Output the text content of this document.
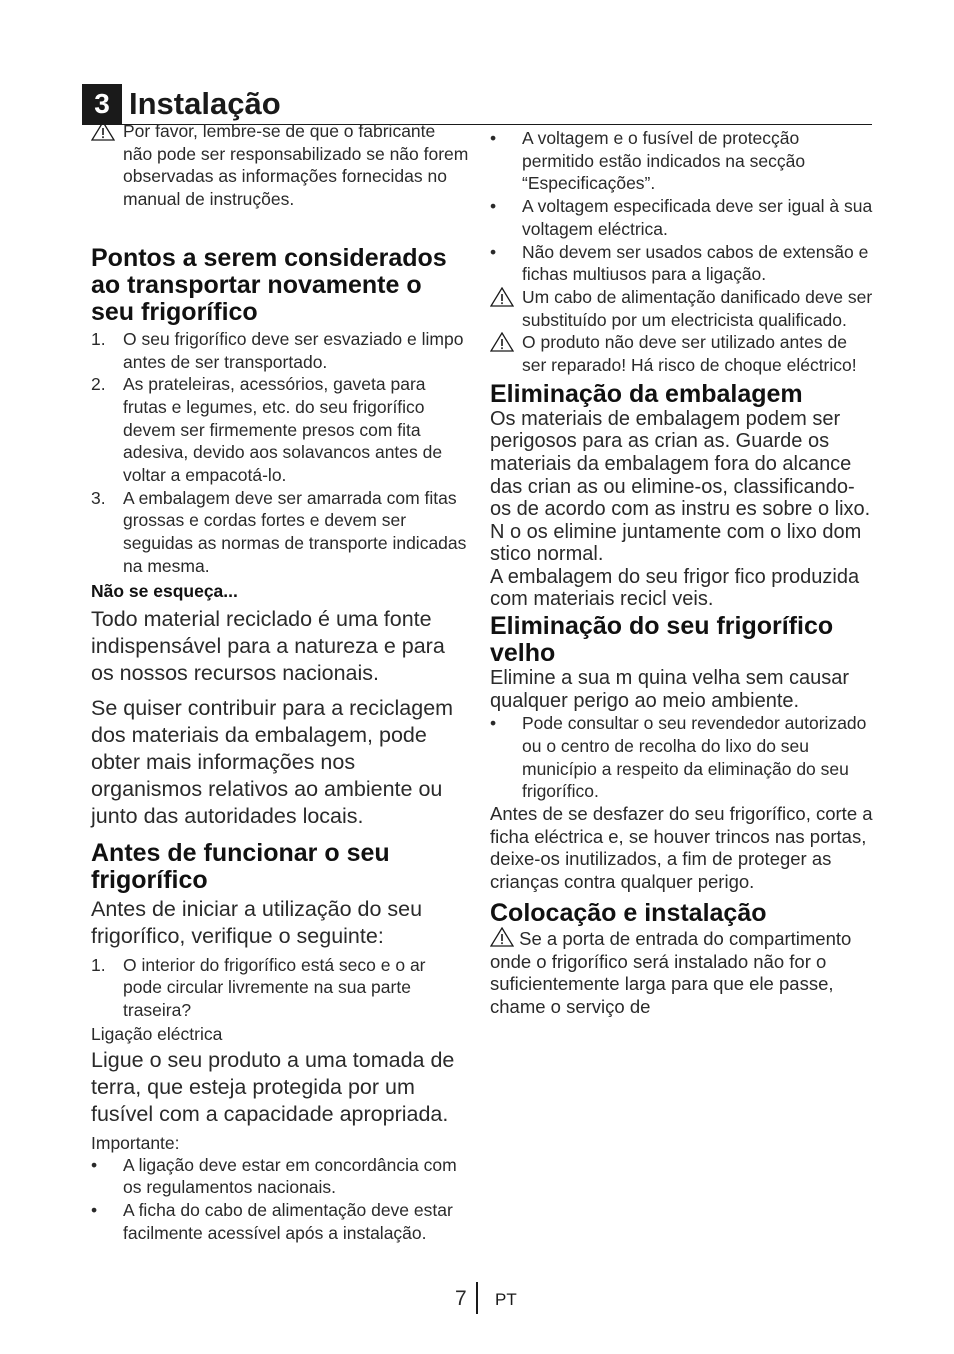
3 Instalação
Por favor, lembre-se de que o fabricante não pode ser responsabilizado se não forem observadas as informações fornecidas no manual de instruções.
Pontos a serem considerados ao transportar novamente o seu frigorífico
1. O seu frigorífico deve ser esvaziado e limpo antes de ser transportado.
2. As prateleiras, acessórios, gaveta para frutas e legumes, etc. do seu frigorífico devem ser firmemente presos com fita adesiva, devido aos solavancos antes de voltar a empacotá-lo.
3. A embalagem deve ser amarrada com fitas grossas e cordas fortes e devem ser seguidas as normas de transporte indicadas na mesma.
Não se esqueça...
Todo material reciclado é uma fonte indispensável para a natureza e para os nossos recursos nacionais.
Se quiser contribuir para a reciclagem dos materiais da embalagem, pode obter mais informações nos organismos relativos ao ambiente ou junto das autoridades locais.
Antes de funcionar o seu frigorífico
Antes de iniciar a utilização do seu frigorífico, verifique o seguinte:
1. O interior do frigorífico está seco e o ar pode circular livremente na sua parte traseira?
Ligação eléctrica
Ligue o seu produto a uma tomada de terra, que esteja protegida por um fusível com a capacidade apropriada.
Importante:
• A ligação deve estar em concordância com os regulamentos nacionais.
• A ficha do cabo de alimentação deve estar facilmente acessível após a instalação.
• A voltagem e o fusível de protecção permitido estão indicados na secção “Especificações”.
• A voltagem especificada deve ser igual à sua voltagem eléctrica.
• Não devem ser usados cabos de extensão e fichas multiusos para a ligação.
Um cabo de alimentação danificado deve ser substituído por um electricista qualificado.
O produto não deve ser utilizado antes de ser reparado! Há risco de choque eléctrico!
Eliminação da embalagem
Os materiais de embalagem podem ser perigosos para as crian as. Guarde os materiais da embalagem fora do alcance das crian as ou elimine-os, classificando-os de acordo com as instru es sobre o lixo. N o os elimine juntamente com o lixo dom stico normal.
A embalagem do seu frigor fico produzida com materiais recicl veis.
Eliminação do seu frigorífico velho
Elimine a sua m quina velha sem causar qualquer perigo ao meio ambiente.
• Pode consultar o seu revendedor autorizado ou o centro de recolha do lixo do seu município a respeito da eliminação do seu frigorífico.
Antes de se desfazer do seu frigorífico, corte a ficha eléctrica e, se houver trincos nas portas, deixe-os inutilizados, a fim de proteger as crianças contra qualquer perigo.
Colocação e instalação
Se a porta de entrada do compartimento onde o frigorífico será instalado não for o suficientemente larga para que ele passe, chame o serviço de
7 PT
